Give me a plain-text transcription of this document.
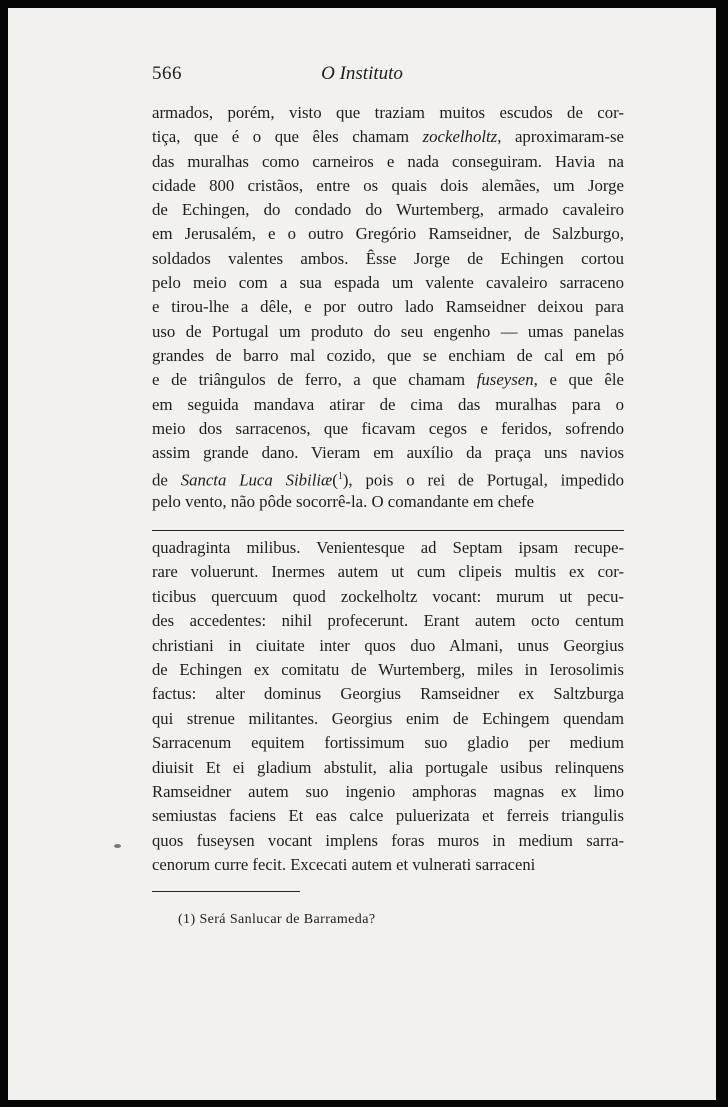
566	O Instituto
armados, porém, visto que traziam muitos escudos de cor-
tiça, que é o que êles chamam zockelholtz, aproximaram-se
das muralhas como carneiros e nada conseguiram. Havia na
cidade 800 cristãos, entre os quais dois alemães, um Jorge
de Echingen, do condado do Wurtemberg, armado cavaleiro
em Jerusalém, e o outro Gregório Ramseidner, de Salzburgo,
soldados valentes ambos. Êsse Jorge de Echingen cortou
pelo meio com a sua espada um valente cavaleiro sarraceno
e tirou-lhe a dêle, e por outro lado Ramseidner deixou para
uso de Portugal um produto do seu engenho — umas panelas
grandes de barro mal cozido, que se enchiam de cal em pó
e de triângulos de ferro, a que chamam fuseysen, e que êle
em seguida mandava atirar de cima das muralhas para o
meio dos sarracenos, que ficavam cegos e feridos, sofrendo
assim grande dano. Vieram em auxílio da praça uns navios
de Sancta Luca Sibiliæ($^1$), pois o rei de Portugal, impedido
pelo vento, não pôde socorrê-la. O comandante em chefe
quadraginta milibus. Venientesque ad Septam ipsam recupe-
rare voluerunt. Inermes autem ut cum clipeis multis ex cor-
ticibus quercuum quod zockelholtz vocant: murum ut pecu-
des accedentes: nihil profecerunt. Erant autem octo centum
christiani in ciuitate inter quos duo Almani, unus Georgius
de Echingen ex comitatu de Wurtemberg, miles in Ierosolimis
factus: alter dominus Georgius Ramseidner ex Saltzburga
qui strenue militantes. Georgius enim de Echingem quendam
Sarracenum equitem fortissimum suo gladio per medium
diuisit Et ei gladium abstulit, alia portugale usibus relinquens
Ramseidner autem suo ingenio amphoras magnas ex limo
semiustas faciens Et eas calce puluerizata et ferreis triangulis
quos fuseysen vocant implens foras muros in medium sarra-
cenorum curre fecit. Excecati autem et vulnerati sarraceni
(1) Será Sanlucar de Barrameda?
